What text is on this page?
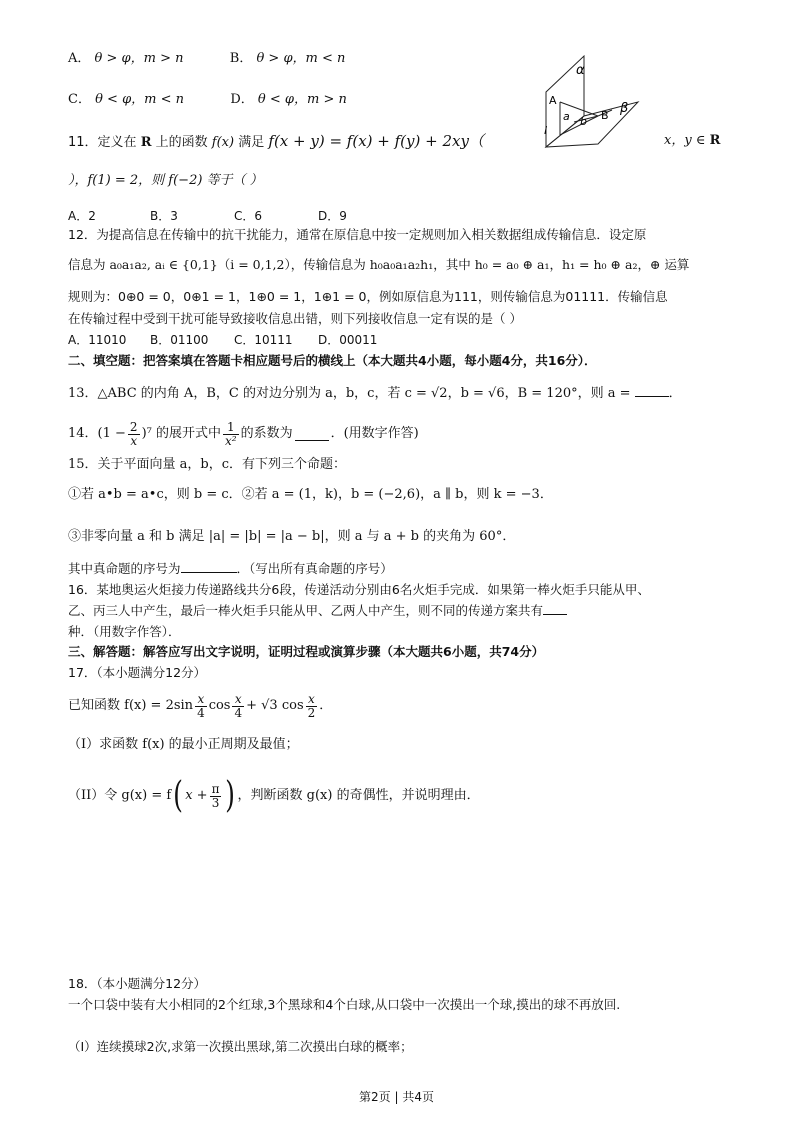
A． θ > φ，m > n	B． θ > φ，m < n
C． θ < φ，m < n	D． θ < φ，m > n
α
β
A
B
a b
l
11．定义在 R 上的函数 f(x) 满足 f(x + y) = f(x) + f(y) + 2xy（	x，y ∈ R
），f(1) = 2，则 f(−2) 等于（ ）
A．2	B．3	C．6	D．9
12．为提高信息在传输中的抗干扰能力，通常在原信息中按一定规则加入相关数据组成传输信息．设定原
信息为 a₀a₁a₂, aᵢ ∈ {0,1}（i = 0,1,2），传输信息为 h₀a₀a₁a₂h₁，其中 h₀ = a₀ ⊕ a₁，h₁ = h₀ ⊕ a₂，⊕ 运算
规则为：0⊕0 = 0，0⊕1 = 1，1⊕0 = 1，1⊕1 = 0，例如原信息为111，则传输信息为01111．传输信息
在传输过程中受到干扰可能导致接收信息出错，则下列接收信息一定有误的是（ ）
A．11010 B．01100 C．10111 D．00011
二、填空题：把答案填在答题卡相应题号后的横线上（本大题共4小题，每小题4分，共16分）．
13．△ABC 的内角 A，B，C 的对边分别为 a，b，c，若 c = √2，b = √6，B = 120°，则 a =	．
14．$(1 - \frac{2}{x} )^7$ 的展开式中 $\frac{1}{\text{x²}}$ 的系数为	．(用数字作答)
15．关于平面向量 a，b，c．有下列三个命题：
①若 a•b = a•c，则 b = c．②若 a = (1，k)，b = (−2,6)，a ∥ b，则 k = −3．
③非零向量 a 和 b 满足 |a| = |b| = |a − b|，则 a 与 a + b 的夹角为 60°．
其中真命题的序号为	．（写出所有真命题的序号）
16．某地奥运火炬接力传递路线共分6段，传递活动分别由6名火炬手完成．如果第一棒火炬手只能从甲、
乙、丙三人中产生，最后一棒火炬手只能从甲、乙两人中产生，则不同的传递方案共有
种．（用数字作答）．
三、解答题：解答应写出文字说明，证明过程或演算步骤（本大题共6小题，共74分）
17．（本小题满分12分）
已知函数 $f(x) = 2\sin \frac{x}{4}$ $\cos \frac{x}{4} + √3$ $\cos \frac{x}{2}$ ．
（I）求函数 f(x) 的最小正周期及最值；
（II）令 g(x) = f ( $x + \frac{\pi}{3}$ ) ，判断函数 g(x) 的奇偶性，并说明理由．
18．（本小题满分12分）
一个口袋中装有大小相同的2个红球,3个黑球和4个白球,从口袋中一次摸出一个球,摸出的球不再放回.
（I）连续摸球2次,求第一次摸出黑球,第二次摸出白球的概率；
第2页 | 共4页
